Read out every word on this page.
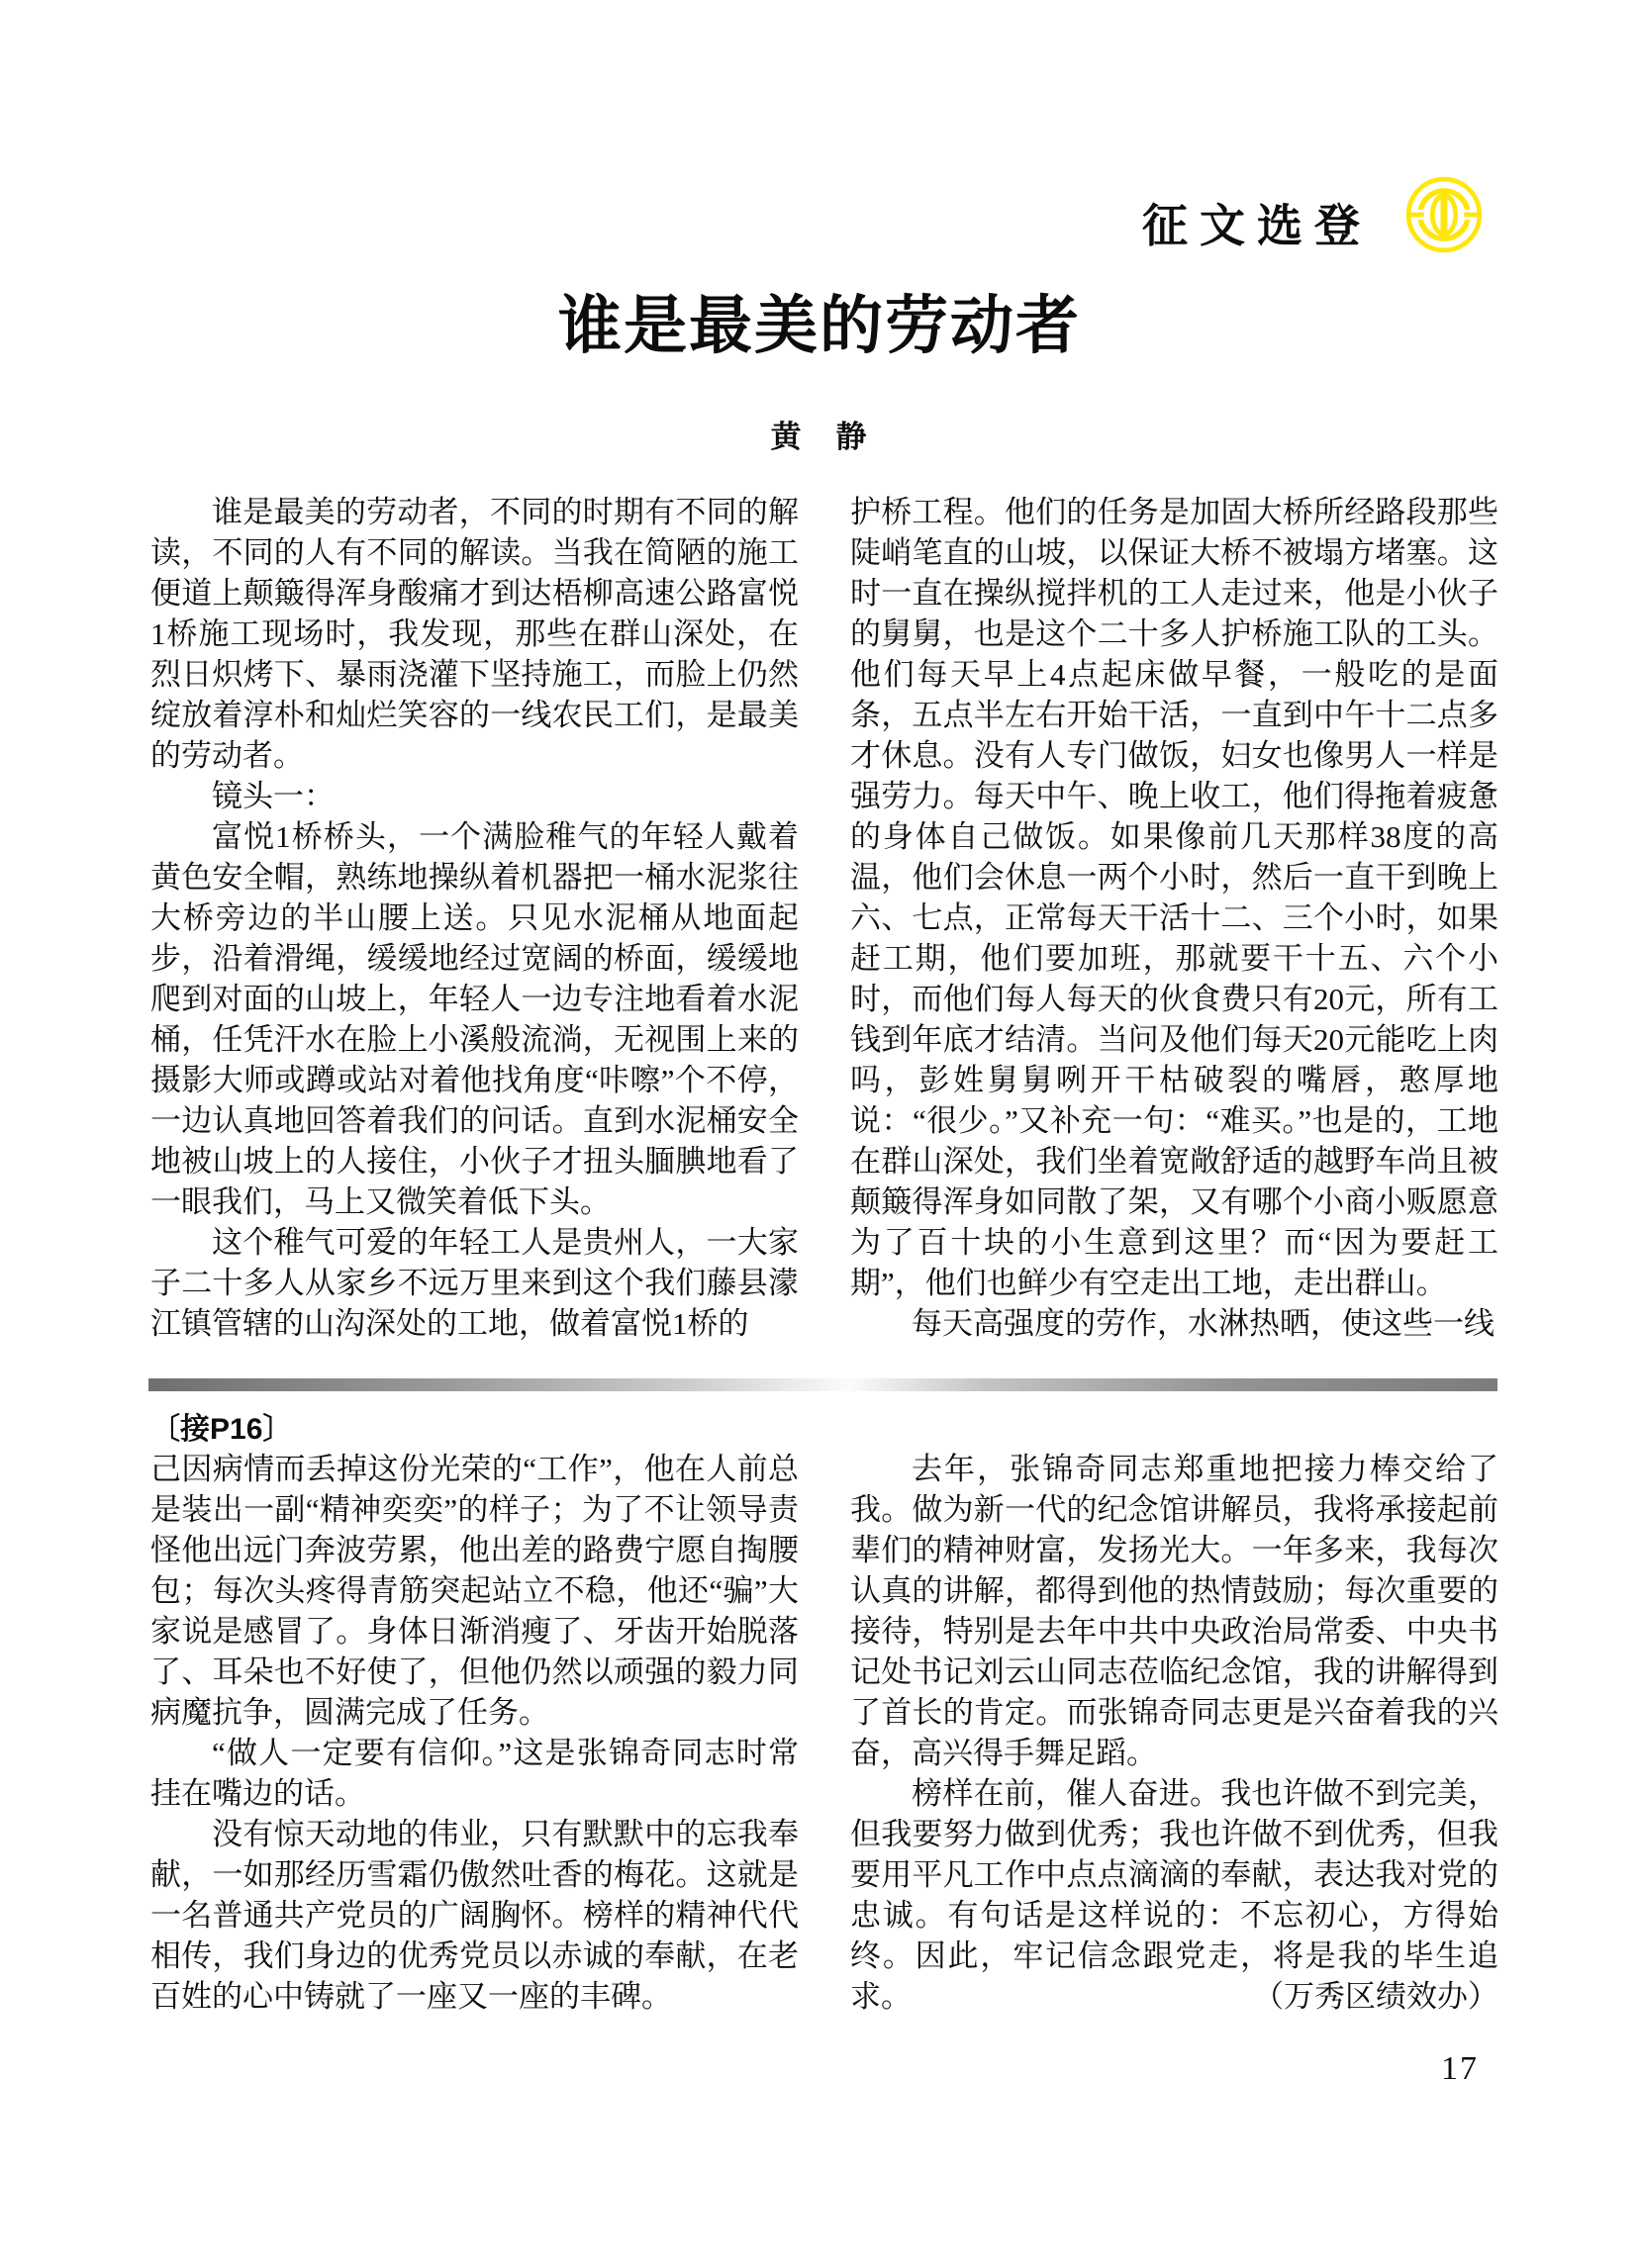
征文选登
谁是最美的劳动者
黄　静

谁是最美的劳动者，不同的时期有不同的解读，不同的人有不同的解读。当我在简陋的施工便道上颠簸得浑身酸痛才到达梧柳高速公路富悦1桥施工现场时，我发现，那些在群山深处，在烈日炽烤下、暴雨浇灌下坚持施工，而脸上仍然绽放着淳朴和灿烂笑容的一线农民工们，是最美的劳动者。

镜头一：

富悦1桥桥头，一个满脸稚气的年轻人戴着黄色安全帽，熟练地操纵着机器把一桶水泥浆往大桥旁边的半山腰上送。只见水泥桶从地面起步，沿着滑绳，缓缓地经过宽阔的桥面，缓缓地爬到对面的山坡上，年轻人一边专注地看着水泥桶，任凭汗水在脸上小溪般流淌，无视围上来的摄影大师或蹲或站对着他找角度“咔嚓”个不停，一边认真地回答着我们的问话。直到水泥桶安全地被山坡上的人接住，小伙子才扭头腼腆地看了一眼我们，马上又微笑着低下头。

这个稚气可爱的年轻工人是贵州人，一大家子二十多人从家乡不远万里来到这个我们藤县濛江镇管辖的山沟深处的工地，做着富悦1桥的

护桥工程。他们的任务是加固大桥所经路段那些陡峭笔直的山坡，以保证大桥不被塌方堵塞。这时一直在操纵搅拌机的工人走过来，他是小伙子的舅舅，也是这个二十多人护桥施工队的工头。他们每天早上4点起床做早餐，一般吃的是面条，五点半左右开始干活，一直到中午十二点多才休息。没有人专门做饭，妇女也像男人一样是强劳力。每天中午、晚上收工，他们得拖着疲惫的身体自己做饭。如果像前几天那样38度的高温，他们会休息一两个小时，然后一直干到晚上六、七点，正常每天干活十二、三个小时，如果赶工期，他们要加班，那就要干十五、六个小时，而他们每人每天的伙食费只有20元，所有工钱到年底才结清。当问及他们每天20元能吃上肉吗，彭姓舅舅咧开干枯破裂的嘴唇，憨厚地说：“很少。”又补充一句：“难买。”也是的，工地在群山深处，我们坐着宽敞舒适的越野车尚且被颠簸得浑身如同散了架，又有哪个小商小贩愿意为了百十块的小生意到这里？而“因为要赶工期”，他们也鲜少有空走出工地，走出群山。

每天高强度的劳作，水淋热晒，使这些一线

〔接P16〕

己因病情而丢掉这份光荣的“工作”，他在人前总是装出一副“精神奕奕”的样子；为了不让领导责怪他出远门奔波劳累，他出差的路费宁愿自掏腰包；每次头疼得青筋突起站立不稳，他还“骗”大家说是感冒了。身体日渐消瘦了、牙齿开始脱落了、耳朵也不好使了，但他仍然以顽强的毅力同病魔抗争，圆满完成了任务。

“做人一定要有信仰。”这是张锦奇同志时常挂在嘴边的话。

没有惊天动地的伟业，只有默默中的忘我奉献，一如那经历雪霜仍傲然吐香的梅花。这就是一名普通共产党员的广阔胸怀。榜样的精神代代相传，我们身边的优秀党员以赤诚的奉献，在老百姓的心中铸就了一座又一座的丰碑。

去年，张锦奇同志郑重地把接力棒交给了我。做为新一代的纪念馆讲解员，我将承接起前辈们的精神财富，发扬光大。一年多来，我每次认真的讲解，都得到他的热情鼓励；每次重要的接待，特别是去年中共中央政治局常委、中央书记处书记刘云山同志莅临纪念馆，我的讲解得到了首长的肯定。而张锦奇同志更是兴奋着我的兴奋，高兴得手舞足蹈。

榜样在前，催人奋进。我也许做不到完美，但我要努力做到优秀；我也许做不到优秀，但我要用平凡工作中点点滴滴的奉献，表达我对党的忠诚。有句话是这样说的：不忘初心，方得始终。因此，牢记信念跟党走，将是我的毕生追求。	（万秀区绩效办）

17
